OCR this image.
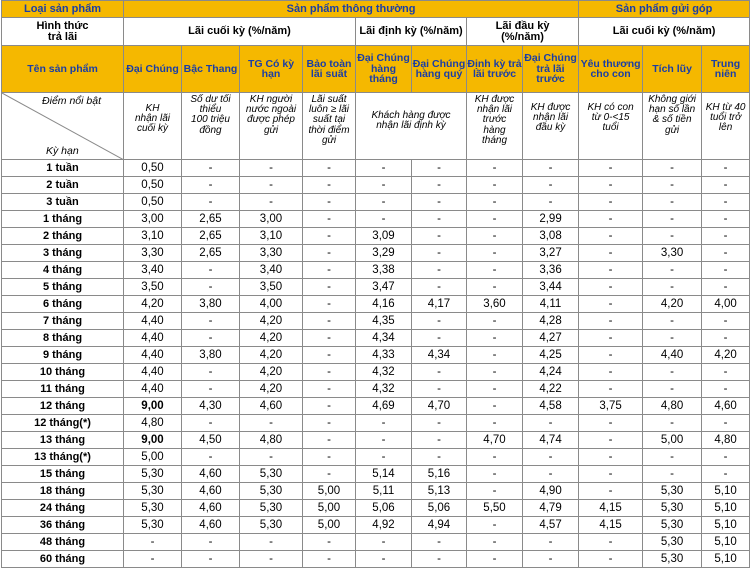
Loại sản phẩm	Sản phẩm thông thường								Sản phẩm gửi góp		
Hình thức trả lãi	Lãi cuối kỳ (%/năm)				Lãi định kỳ (%/năm)		Lãi đầu kỳ (%/năm)		Lãi cuối kỳ (%/năm)		
Tên sản phẩm	Đại Chúng	Bậc Thang	TG Có kỳ hạn	Bảo toàn lãi suất	Đại Chúng hàng tháng	Đại Chúng hàng quý	Định kỳ trả lãi trước	Đại Chúng trả lãi trước	Yêu thương cho con	Tích lũy	Trung niên

Điểm nổi bật
Kỳ hạn	KH nhận lãi cuối kỳ	Số dư tối thiểu 100 triệu đồng	KH người nước ngoài được phép gửi	Lãi suất luôn ≥ lãi suất tại thời điểm gửi	Khách hàng được nhận lãi định kỳ		KH được nhận lãi trước hàng tháng	KH được nhận lãi đầu kỳ	KH có con từ 0-<15 tuổi	Không giới hạn số lần & số tiền gửi	KH từ 40 tuổi trở lên
1 tuần	0,50	-	-	-	-	-	-	-	-	-	-
2 tuần	0,50	-	-	-	-	-	-	-	-	-	-
3 tuần	0,50	-	-	-	-	-	-	-	-	-	-
1 tháng	3,00	2,65	3,00	-	-	-	-	2,99	-	-	-
2 tháng	3,10	2,65	3,10	-	3,09	-	-	3,08	-	-	-
3 tháng	3,30	2,65	3,30	-	3,29	-	-	3,27	-	3,30	-
4 tháng	3,40	-	3,40	-	3,38	-	-	3,36	-	-	-
5 tháng	3,50	-	3,50	-	3,47	-	-	3,44	-	-	-
6 tháng	4,20	3,80	4,00	-	4,16	4,17	3,60	4,11	-	4,20	4,00
7 tháng	4,40	-	4,20	-	4,35	-	-	4,28	-	-	-
8 tháng	4,40	-	4,20	-	4,34	-	-	4,27	-	-	-
9 tháng	4,40	3,80	4,20	-	4,33	4,34	-	4,25	-	4,40	4,20
10 tháng	4,40	-	4,20	-	4,32	-	-	4,24	-	-	-
11 tháng	4,40	-	4,20	-	4,32	-	-	4,22	-	-	-
12 tháng	9,00	4,30	4,60	-	4,69	4,70	-	4,58	3,75	4,80	4,60
12 tháng(*)	4,80	-	-	-	-	-	-	-	-	-	-
13 tháng	9,00	4,50	4,80	-	-	-	4,70	4,74	-	5,00	4,80
13 tháng(*)	5,00	-	-	-	-	-	-	-	-	-	-
15 tháng	5,30	4,60	5,30	-	5,14	5,16	-	-	-	-	-
18 tháng	5,30	4,60	5,30	5,00	5,11	5,13	-	4,90	-	5,30	5,10
24 tháng	5,30	4,60	5,30	5,00	5,06	5,06	5,50	4,79	4,15	5,30	5,10
36 tháng	5,30	4,60	5,30	5,00	4,92	4,94	-	4,57	4,15	5,30	5,10
48 tháng	-	-	-	-	-	-	-	-	-	5,30	5,10
60 tháng	-	-	-	-	-	-	-	-	-	5,30	5,10
